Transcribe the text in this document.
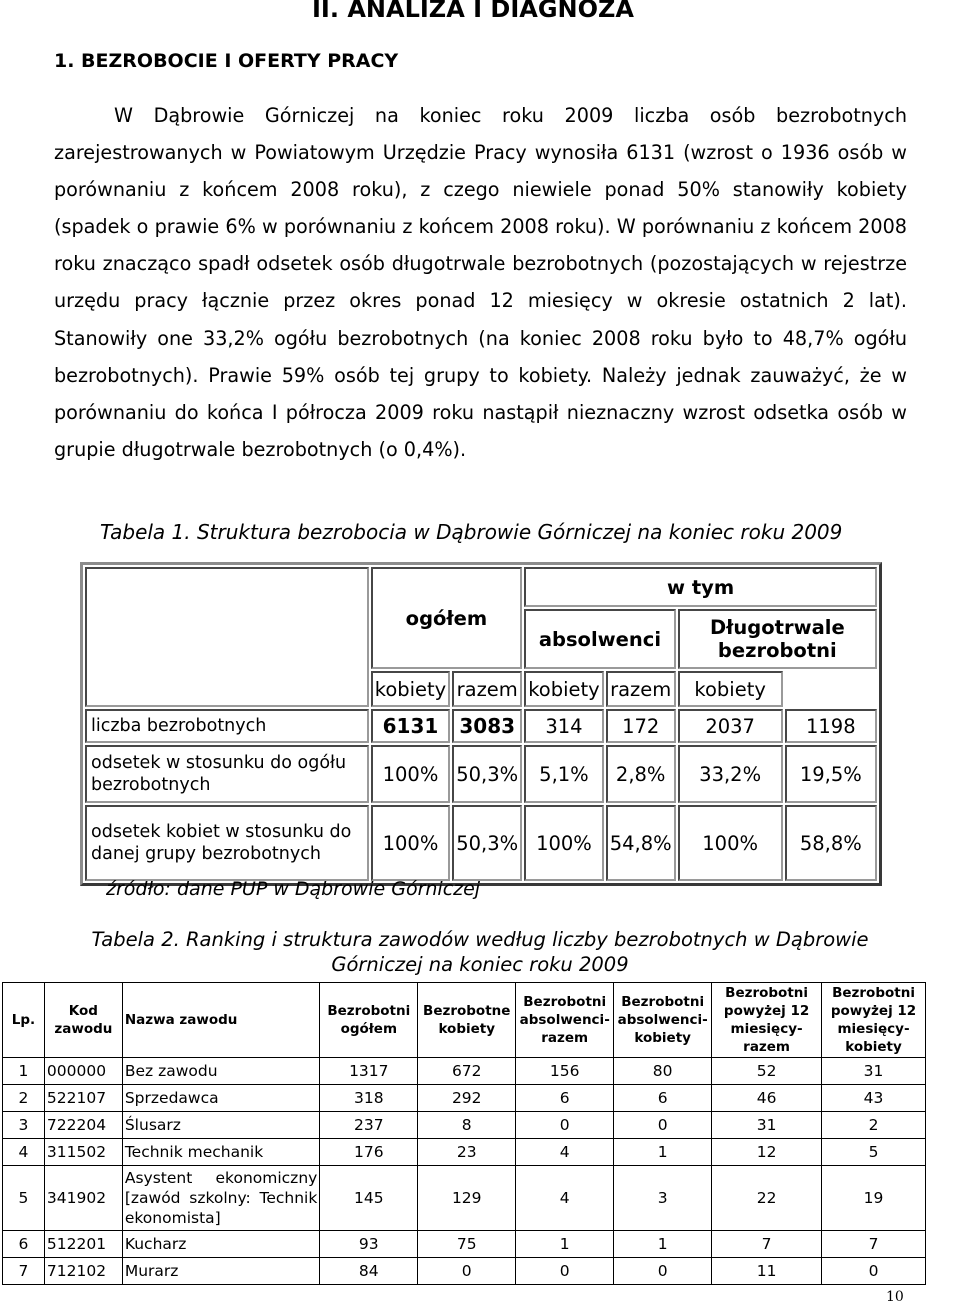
II. ANALIZA I DIAGNOZA
1. BEZROBOCIE I OFERTY PRACY

W Dąbrowie Górniczej na koniec roku 2009 liczba osób bezrobotnych zarejestrowanych w Powiatowym Urzędzie Pracy wynosiła 6131 (wzrost o 1936 osób w porównaniu z końcem 2008 roku), z czego niewiele ponad 50% stanowiły kobiety (spadek o prawie 6% w porównaniu z końcem 2008 roku). W porównaniu z końcem 2008 roku znacząco spadł odsetek osób długotrwale bezrobotnych (pozostających w rejestrze urzędu pracy łącznie przez okres ponad 12 miesięcy w okresie ostatnich 2 lat). Stanowiły one 33,2% ogółu bezrobotnych (na koniec 2008 roku było to 48,7% ogółu bezrobotnych). Prawie 59% osób tej grupy to kobiety. Należy jednak zauważyć, że w porównaniu do końca I półrocza 2009 roku nastąpił nieznaczny wzrost odsetka osób w grupie długotrwale bezrobotnych (o 0,4%).

Tabela 1. Struktura bezrobocia w Dąbrowie Górniczej na koniec roku 2009
	ogółem		w tym			
			absolwenci		Długotrwale bezrobotni	
	kobiety	razem	kobiety	razem	kobiety	
liczba bezrobotnych	6131	3083	314	172	2037	1198
odsetek w stosunku do ogółu bezrobotnych	100%	50,3%	5,1%	2,8%	33,2%	19,5%
odsetek kobiet w stosunku do danej grupy bezrobotnych	100%	50,3%	100%	54,8%	100%	58,8%
źródło: dane PUP w Dąbrowie Górniczej
Tabela 2. Ranking i struktura zawodów według liczby bezrobotnych w Dąbrowie Górniczej na koniec roku 2009
Lp.	Kod zawodu	Nazwa zawodu	Bezrobotni ogółem	Bezrobotne kobiety	Bezrobotni absolwenci-razem	Bezrobotni absolwenci-kobiety	Bezrobotni powyżej 12 miesięcy-razem	Bezrobotni powyżej 12 miesięcy-kobiety
1	000000	Bez zawodu	1317	672	156	80	52	31
2	522107	Sprzedawca	318	292	6	6	46	43
3	722204	Ślusarz	237	8	0	0	31	2
4	311502	Technik mechanik	176	23	4	1	12	5
5	341902	Asystent ekonomiczny [zawód szkolny: Technik ekonomista]	145	129	4	3	22	19
6	512201	Kucharz	93	75	1	1	7	7
7	712102	Murarz	84	0	0	0	11	0
10
